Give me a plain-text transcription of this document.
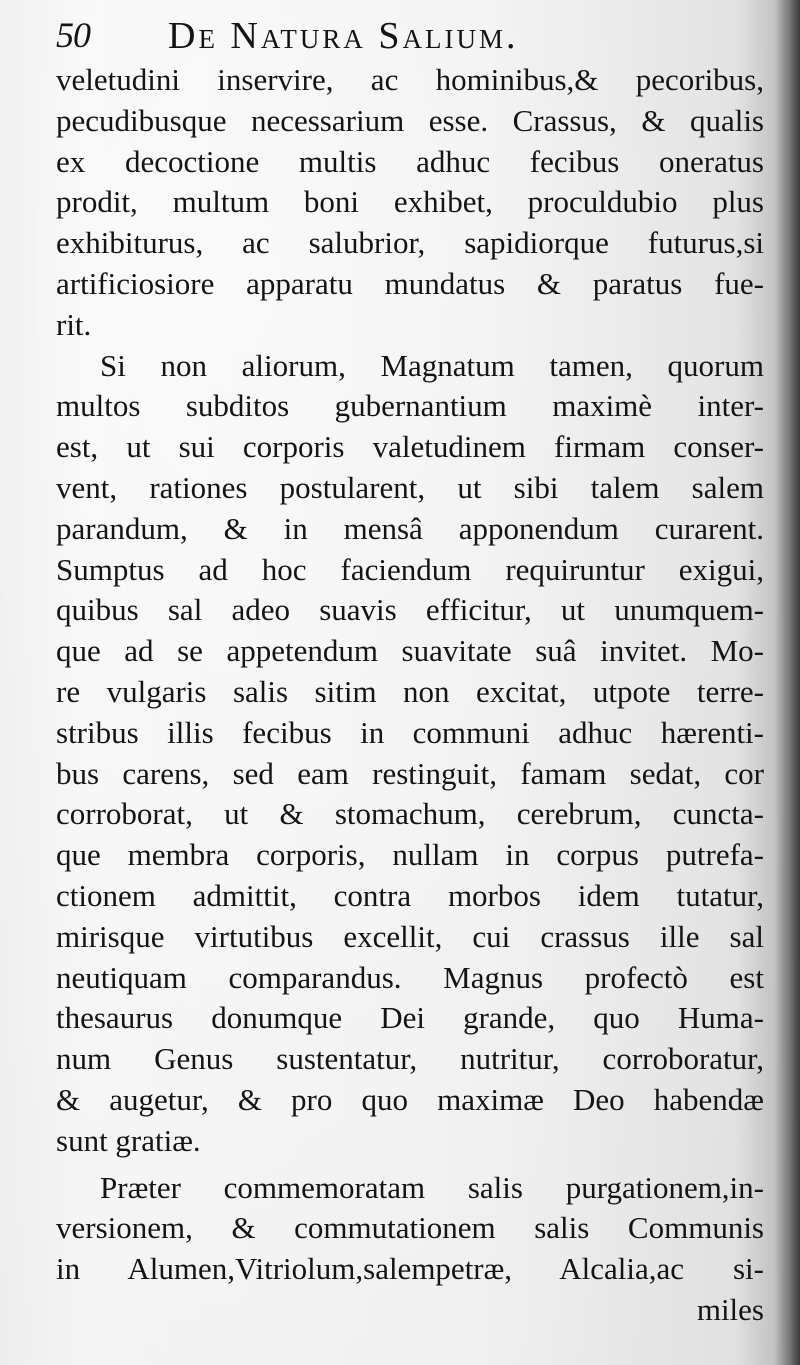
50 De Natura Salium.
veletudini inservire, ac hominibus,& pecoribus,
pecudibusque necessarium esse. Crassus, & qualis
ex decoctione multis adhuc fecibus oneratus
prodit, multum boni exhibet, proculdubio plus
exhibiturus, ac salubrior, sapidiorque futurus,si
artificiosiore apparatu mundatus & paratus fue-
rit.
Si non aliorum, Magnatum tamen, quorum
multos subditos gubernantium maximè inter-
est, ut sui corporis valetudinem firmam conser-
vent, rationes postularent, ut sibi talem salem
parandum, & in mensâ apponendum curarent.
Sumptus ad hoc faciendum requiruntur exigui,
quibus sal adeo suavis efficitur, ut unumquem-
que ad se appetendum suavitate suâ invitet. Mo-
re vulgaris salis sitim non excitat, utpote terre-
stribus illis fecibus in communi adhuc hærenti-
bus carens, sed eam restinguit, famam sedat, cor
corroborat, ut & stomachum, cerebrum, cuncta-
que membra corporis, nullam in corpus putrefa-
ctionem admittit, contra morbos idem tutatur,
mirisque virtutibus excellit, cui crassus ille sal
neutiquam comparandus. Magnus profectò est
thesaurus donumque Dei grande, quo Huma-
num Genus sustentatur, nutritur, corroboratur,
& augetur, & pro quo maximæ Deo habendæ
sunt gratiæ.
Præter commemoratam salis purgationem,in-
versionem, & commutationem salis Communis
in Alumen,Vitriolum,salempetræ, Alcalia,ac si-
miles
